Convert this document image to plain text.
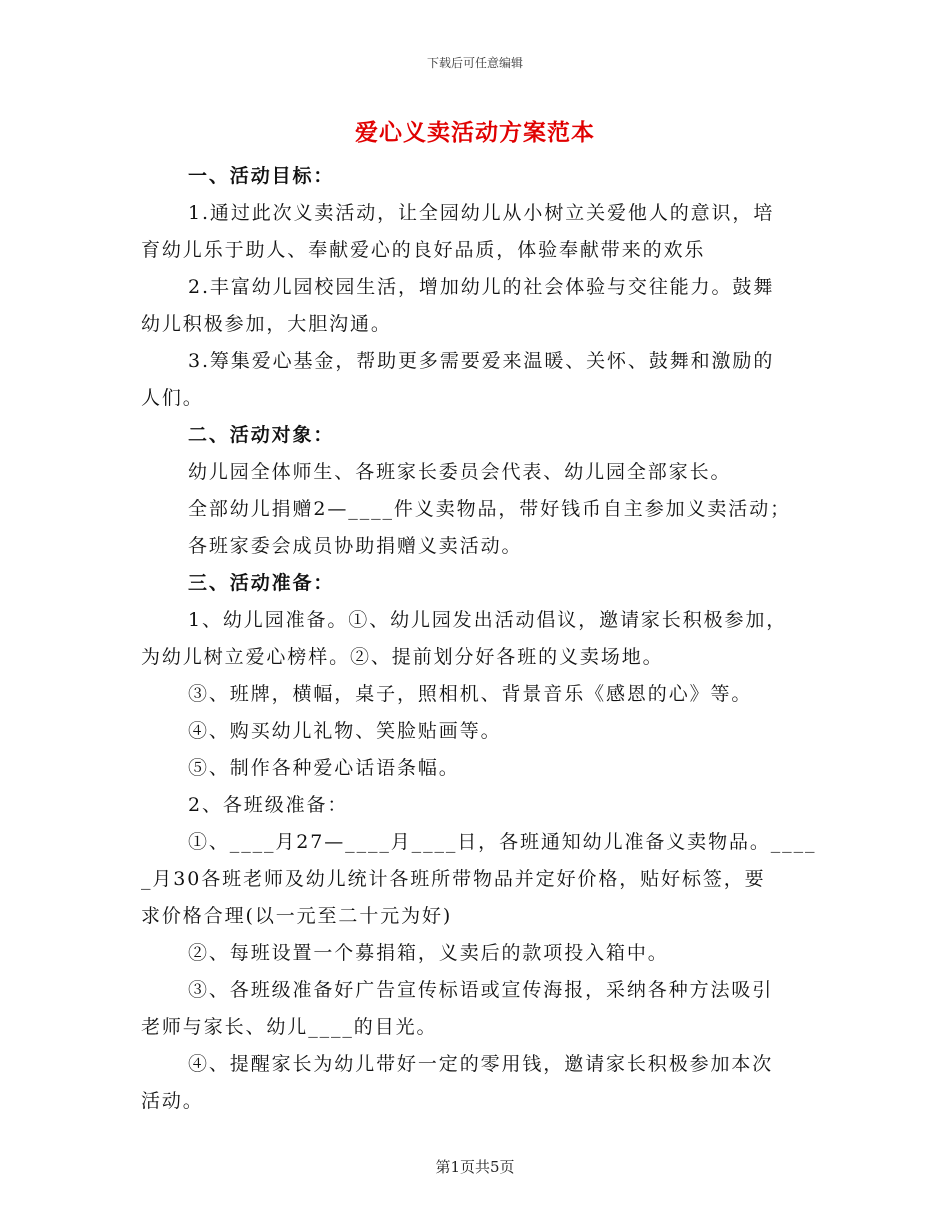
下载后可任意编辑
爱心义卖活动方案范本
一、活动目标：
1.通过此次义卖活动，让全园幼儿从小树立关爱他人的意识，培
育幼儿乐于助人、奉献爱心的良好品质，体验奉献带来的欢乐
2.丰富幼儿园校园生活，增加幼儿的社会体验与交往能力。鼓舞
幼儿积极参加，大胆沟通。
3.筹集爱心基金，帮助更多需要爱来温暖、关怀、鼓舞和激励的
人们。
二、活动对象：
幼儿园全体师生、各班家长委员会代表、幼儿园全部家长。
全部幼儿捐赠2—____件义卖物品，带好钱币自主参加义卖活动；
各班家委会成员协助捐赠义卖活动。
三、活动准备：
1、幼儿园准备。①、幼儿园发出活动倡议，邀请家长积极参加，
为幼儿树立爱心榜样。②、提前划分好各班的义卖场地。
③、班牌，横幅，桌子，照相机、背景音乐《感恩的心》等。
④、购买幼儿礼物、笑脸贴画等。
⑤、制作各种爱心话语条幅。
2、各班级准备：
①、____月27—____月____日，各班通知幼儿准备义卖物品。____
_月30各班老师及幼儿统计各班所带物品并定好价格，贴好标签，要
求价格合理(以一元至二十元为好)
②、每班设置一个募捐箱，义卖后的款项投入箱中。
③、各班级准备好广告宣传标语或宣传海报，采纳各种方法吸引
老师与家长、幼儿____的目光。
④、提醒家长为幼儿带好一定的零用钱，邀请家长积极参加本次
活动。
第1页共5页
